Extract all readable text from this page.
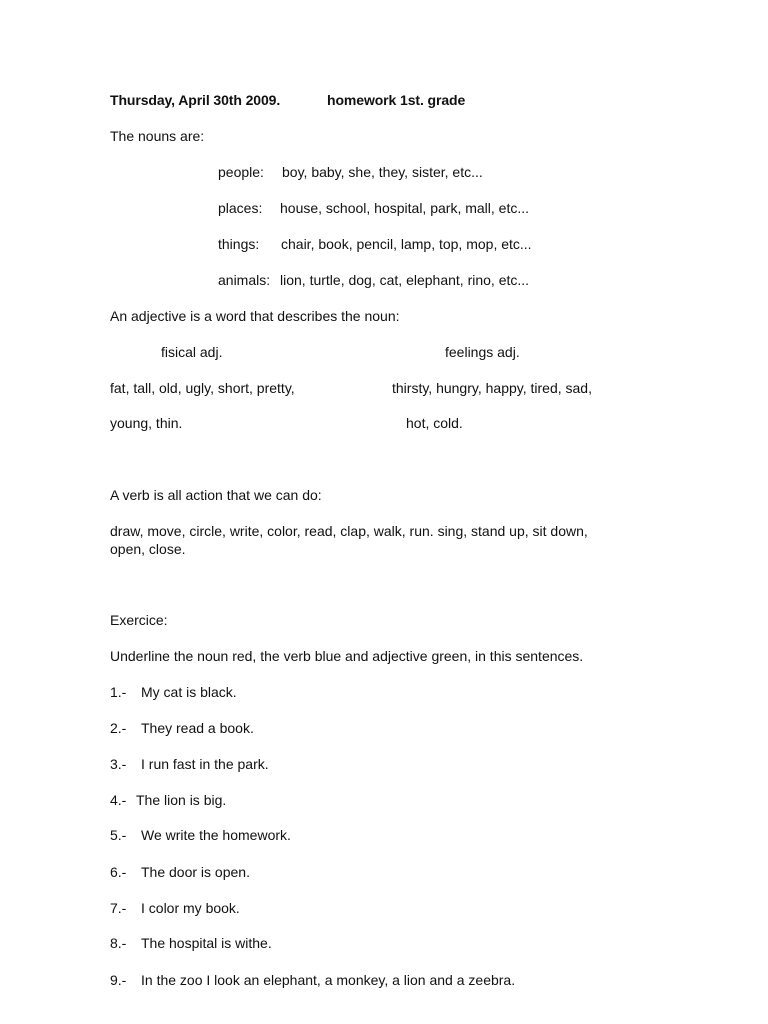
Thursday, April 30th 2009.	homework 1st. grade
The nouns are:
people: boy, baby, she, they, sister, etc...
places: house, school, hospital, park, mall, etc...
things: chair, book, pencil, lamp, top, mop, etc...
animals: lion, turtle, dog, cat, elephant, rino, etc...
An adjective is a word that describes the noun:
fisical adj.	feelings adj.
fat, tall, old, ugly, short, pretty,	thirsty, hungry, happy, tired, sad,
young, thin.	hot, cold.
A verb is all action that we can do:
draw, move, circle, write, color, read, clap, walk, run. sing, stand up, sit down,
open, close.
Exercice:
Underline the noun red, the verb blue and adjective green, in this sentences.
1.- My cat is black.
2.- They read a book.
3.- I run fast in the park.
4.- The lion is big.
5.- We write the homework.
6.- The door is open.
7.- I color my book.
8.- The hospital is withe.
9.- In the zoo I look an elephant, a monkey, a lion and a zeebra.
